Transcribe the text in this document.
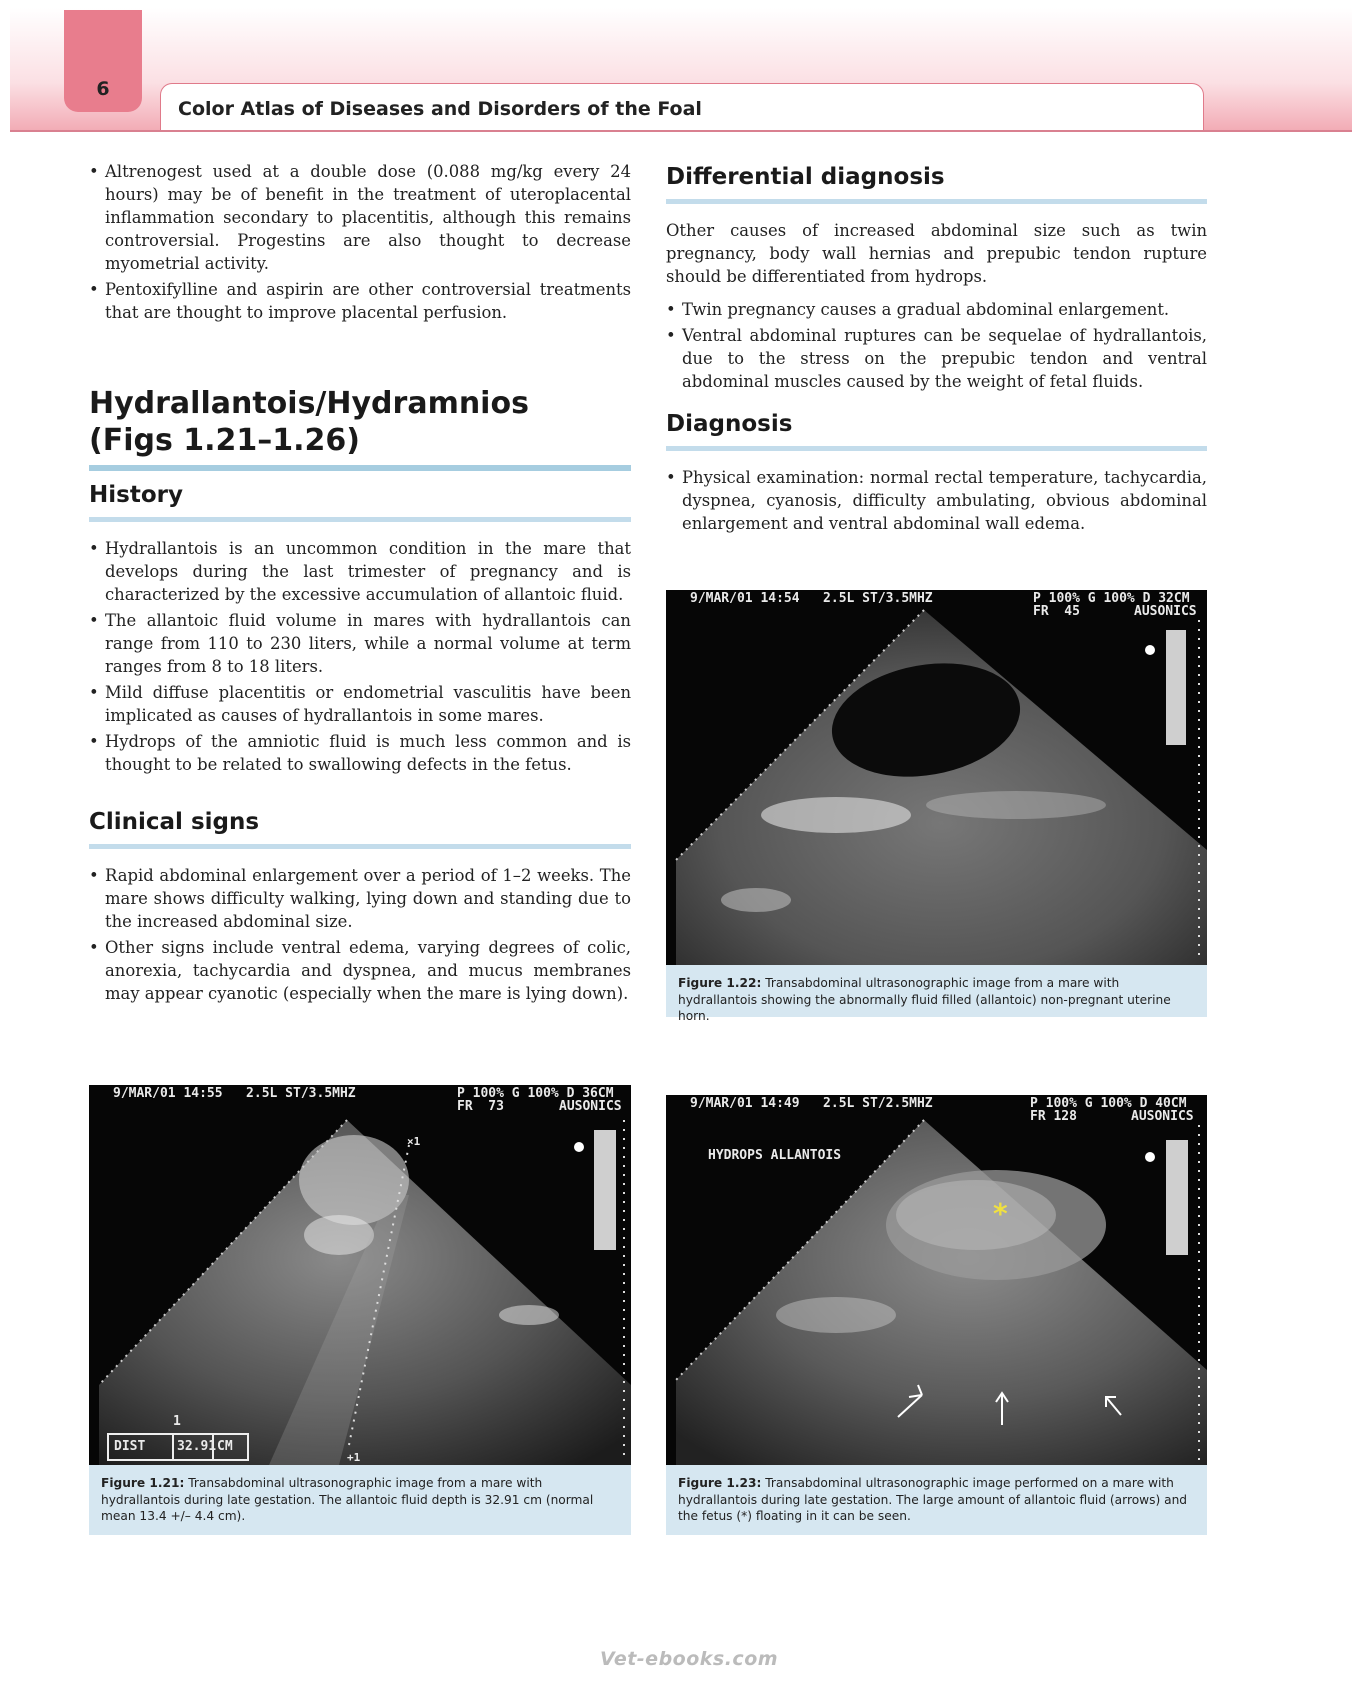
6
Color Atlas of Diseases and Disorders of the Foal
• Altrenogest used at a double dose (0.088 mg/kg every 24 hours) may be of benefit in the treatment of uteroplacental inflammation secondary to placentitis, although this remains controversial. Progestins are also thought to decrease myometrial activity.
• Pentoxifylline and aspirin are other controversial treatments that are thought to improve placental perfusion.
Hydrallantois/Hydramnios
(Figs 1.21–1.26)
History
• Hydrallantois is an uncommon condition in the mare that develops during the last trimester of pregnancy and is characterized by the excessive accumulation of allantoic fluid.
• The allantoic fluid volume in mares with hydrallantois can range from 110 to 230 liters, while a normal volume at term ranges from 8 to 18 liters.
• Mild diffuse placentitis or endometrial vasculitis have been implicated as causes of hydrallantois in some mares.
• Hydrops of the amniotic fluid is much less common and is thought to be related to swallowing defects in the fetus.
Clinical signs
• Rapid abdominal enlargement over a period of 1–2 weeks. The mare shows difficulty walking, lying down and standing due to the increased abdominal size.
• Other signs include ventral edema, varying degrees of colic, anorexia, tachycardia and dyspnea, and mucus membranes may appear cyanotic (especially when the mare is lying down).
Differential diagnosis

Other causes of increased abdominal size such as twin pregnancy, body wall hernias and prepubic tendon rupture should be differentiated from hydrops.

• Twin pregnancy causes a gradual abdominal enlargement.
• Ventral abdominal ruptures can be sequelae of hydrallantois, due to the stress on the prepubic tendon and ventral abdominal muscles caused by the weight of fetal fluids.
Diagnosis
• Physical examination: normal rectal temperature, tachycardia, dyspnea, cyanosis, difficulty ambulating, obvious abdominal enlargement and ventral abdominal wall edema.
9/MAR/01 14:54   2.5L ST/3.5MHZ	P 100% G 100% D 32CM
FR  45	AUSONICS
Figure 1.22: Transabdominal ultrasonographic image from a mare with hydrallantois showing the abnormally fluid filled (allantoic) non-pregnant uterine horn.
9/MAR/01 14:55   2.5L ST/3.5MHZ	P 100% G 100% D 36CM
FR  73	AUSONICS
×1
+1
1
DIST 32.91 CM
Figure 1.21: Transabdominal ultrasonographic image from a mare with hydrallantois during late gestation. The allantoic fluid depth is 32.91 cm (normal mean 13.4 +/– 4.4 cm).
9/MAR/01 14:49   2.5L ST/2.5MHZ	P 100% G 100% D 40CM
FR 128	AUSONICS
HYDROPS ALLANTOIS
*
Figure 1.23: Transabdominal ultrasonographic image performed on a mare with hydrallantois during late gestation. The large amount of allantoic fluid (arrows) and the fetus (*) floating in it can be seen.
Vet-ebooks.com
